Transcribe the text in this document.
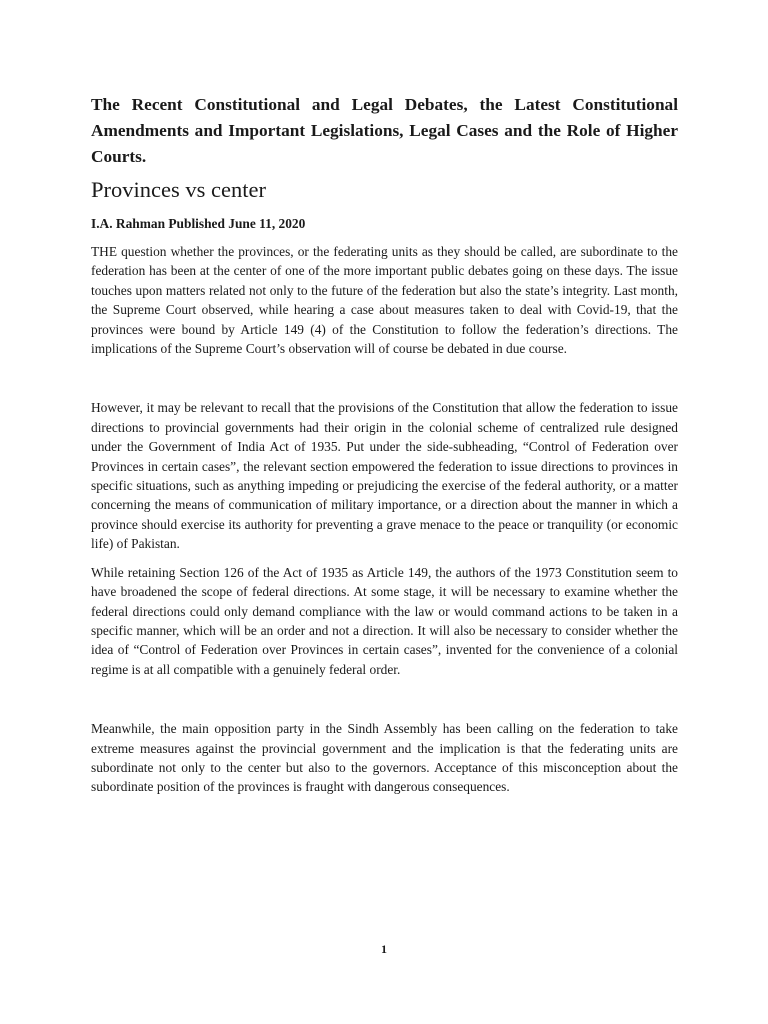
The Recent Constitutional and Legal Debates, the Latest Constitutional Amendments and Important Legislations, Legal Cases and the Role of Higher Courts.
Provinces vs center

I.A. Rahman Published June 11, 2020

THE question whether the provinces, or the federating units as they should be called, are subordinate to the federation has been at the center of one of the more important public debates going on these days. The issue touches upon matters related not only to the future of the federation but also the state’s integrity. Last month, the Supreme Court observed, while hearing a case about measures taken to deal with Covid-19, that the provinces were bound by Article 149 (4) of the Constitution to follow the federation’s directions. The implications of the Supreme Court’s observation will of course be debated in due course.

However, it may be relevant to recall that the provisions of the Constitution that allow the federation to issue directions to provincial governments had their origin in the colonial scheme of centralized rule designed under the Government of India Act of 1935. Put under the side-subheading, “Control of Federation over Provinces in certain cases”, the relevant section empowered the federation to issue directions to provinces in specific situations, such as anything impeding or prejudicing the exercise of the federal authority, or a matter concerning the means of communication of military importance, or a direction about the manner in which a province should exercise its authority for preventing a grave menace to the peace or tranquility (or economic life) of Pakistan.

While retaining Section 126 of the Act of 1935 as Article 149, the authors of the 1973 Constitution seem to have broadened the scope of federal directions. At some stage, it will be necessary to examine whether the federal directions could only demand compliance with the law or would command actions to be taken in a specific manner, which will be an order and not a direction. It will also be necessary to consider whether the idea of “Control of Federation over Provinces in certain cases”, invented for the convenience of a colonial regime is at all compatible with a genuinely federal order.

Meanwhile, the main opposition party in the Sindh Assembly has been calling on the federation to take extreme measures against the provincial government and the implication is that the federating units are subordinate not only to the center but also to the governors. Acceptance of this misconception about the subordinate position of the provinces is fraught with dangerous consequences.

1
